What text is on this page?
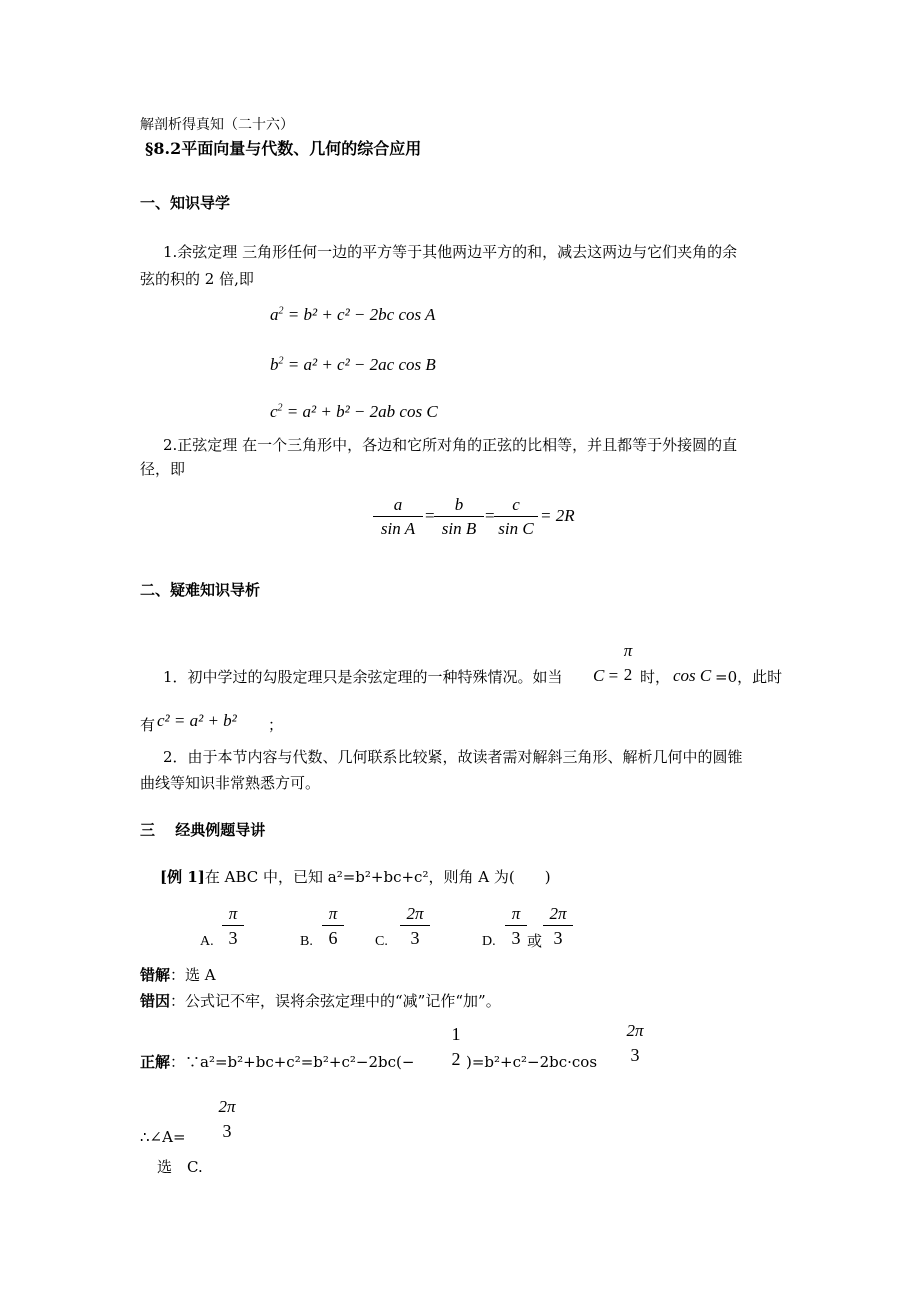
解剖析得真知（二十六）
§8.2平面向量与代数、几何的综合应用
一、知识导学
1.余弦定理 三角形任何一边的平方等于其他两边平方的和，减去这两边与它们夹角的余
弦的积的 2 倍,即
$a^2 = b^2 + c^2 - 2bc$ cos A
$b^2 = a^2 + c^2 - 2ac$ cos B
$c^2 = a^2 + b^2 - 2ab$ cos C
2.正弦定理 在一个三角形中，各边和它所对角的正弦的比相等，并且都等于外接圆的直
径，即
a
sin A
=
b
sin B
=
c
sin C
= 2R
二、疑难知识导析
1．初中学过的勾股定理只是余弦定理的一种特殊情况。如当 C =
π
2 时， cos C =0，此时
有 c² = a² + b² ；
2．由于本节内容与代数、几何联系比较紧，故读者需对解斜三角形、解析几何中的圆锥
曲线等知识非常熟悉方可。
三　 经典例题导讲
[例 1]在 ABC 中，已知 a²=b²+bc+c²，则角 A 为(　　)
A.
π
3	B.
π
6	C.
2π
3	D.
π
3 或
2π
3
错解：选 A
错因：公式记不牢，误将余弦定理中的“减”记作“加”。
正解：∵a²=b²+bc+c²=b²+c²−2bc(−
1
2 )=b²+c²−2bc·cos
2π
3
∴∠A=
2π
3
选　C.
